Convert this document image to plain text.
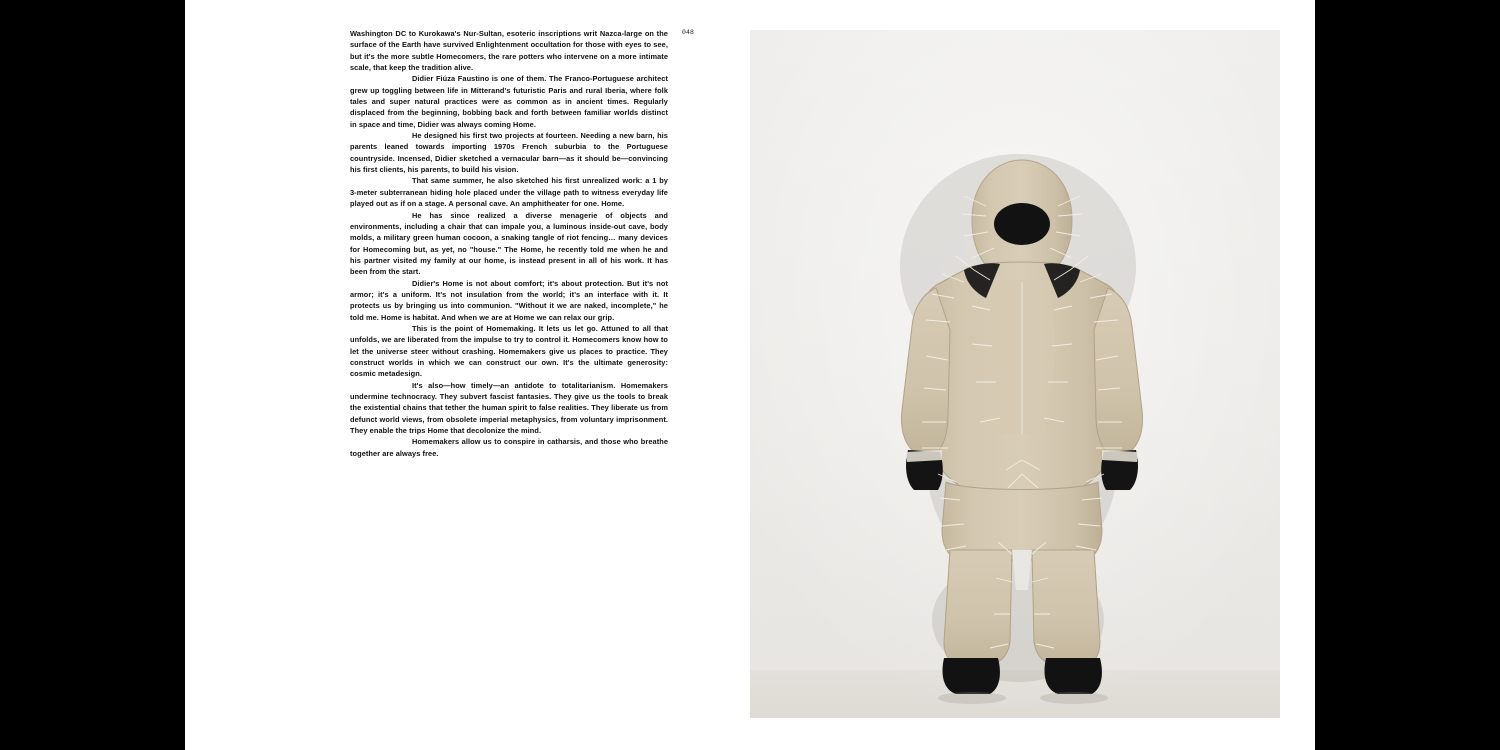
Washington DC to Kurokawa's Nur-Sultan, esoteric inscriptions writ Nazca-large on the surface of the Earth have survived Enlightenment occultation for those with eyes to see, but it's the more subtle Homecomers, the rare potters who intervene on a more intimate scale, that keep the tradition alive.

Didier Fiúza Faustino is one of them. The Franco-Portuguese architect grew up toggling between life in Mitterand's futuristic Paris and rural Iberia, where folk tales and super natural practices were as common as in ancient times. Regularly displaced from the beginning, bobbing back and forth between familiar worlds distinct in space and time, Didier was always coming Home.

He designed his first two projects at fourteen. Needing a new barn, his parents leaned towards importing 1970s French suburbia to the Portuguese countryside. Incensed, Didier sketched a vernacular barn—as it should be—convincing his first clients, his parents, to build his vision.

That same summer, he also sketched his first unrealized work: a 1 by 3-meter subterranean hiding hole placed under the village path to witness everyday life played out as if on a stage. A personal cave. An amphitheater for one. Home.

He has since realized a diverse menagerie of objects and environments, including a chair that can impale you, a luminous inside-out cave, body molds, a military green human cocoon, a snaking tangle of riot fencing… many devices for Homecoming but, as yet, no "house." The Home, he recently told me when he and his partner visited my family at our home, is instead present in all of his work. It has been from the start.

Didier's Home is not about comfort; it's about protection. But it's not armor; it's a uniform. It's not insulation from the world; it's an interface with it. It protects us by bringing us into communion. "Without it we are naked, incomplete," he told me. Home is habitat. And when we are at Home we can relax our grip.

This is the point of Homemaking. It lets us let go. Attuned to all that unfolds, we are liberated from the impulse to try to control it. Homecomers know how to let the universe steer without crashing. Homemakers give us places to practice. They construct worlds in which we can construct our own. It's the ultimate generosity: cosmic metadesign.

It's also—how timely—an antidote to totalitarianism. Homemakers undermine technocracy. They subvert fascist fantasies. They give us the tools to break the existential chains that tether the human spirit to false realities. They liberate us from defunct world views, from obsolete imperial metaphysics, from voluntary imprisonment. They enable the trips Home that decolonize the mind.

Homemakers allow us to conspire in catharsis, and those who breathe together are always free.

048
